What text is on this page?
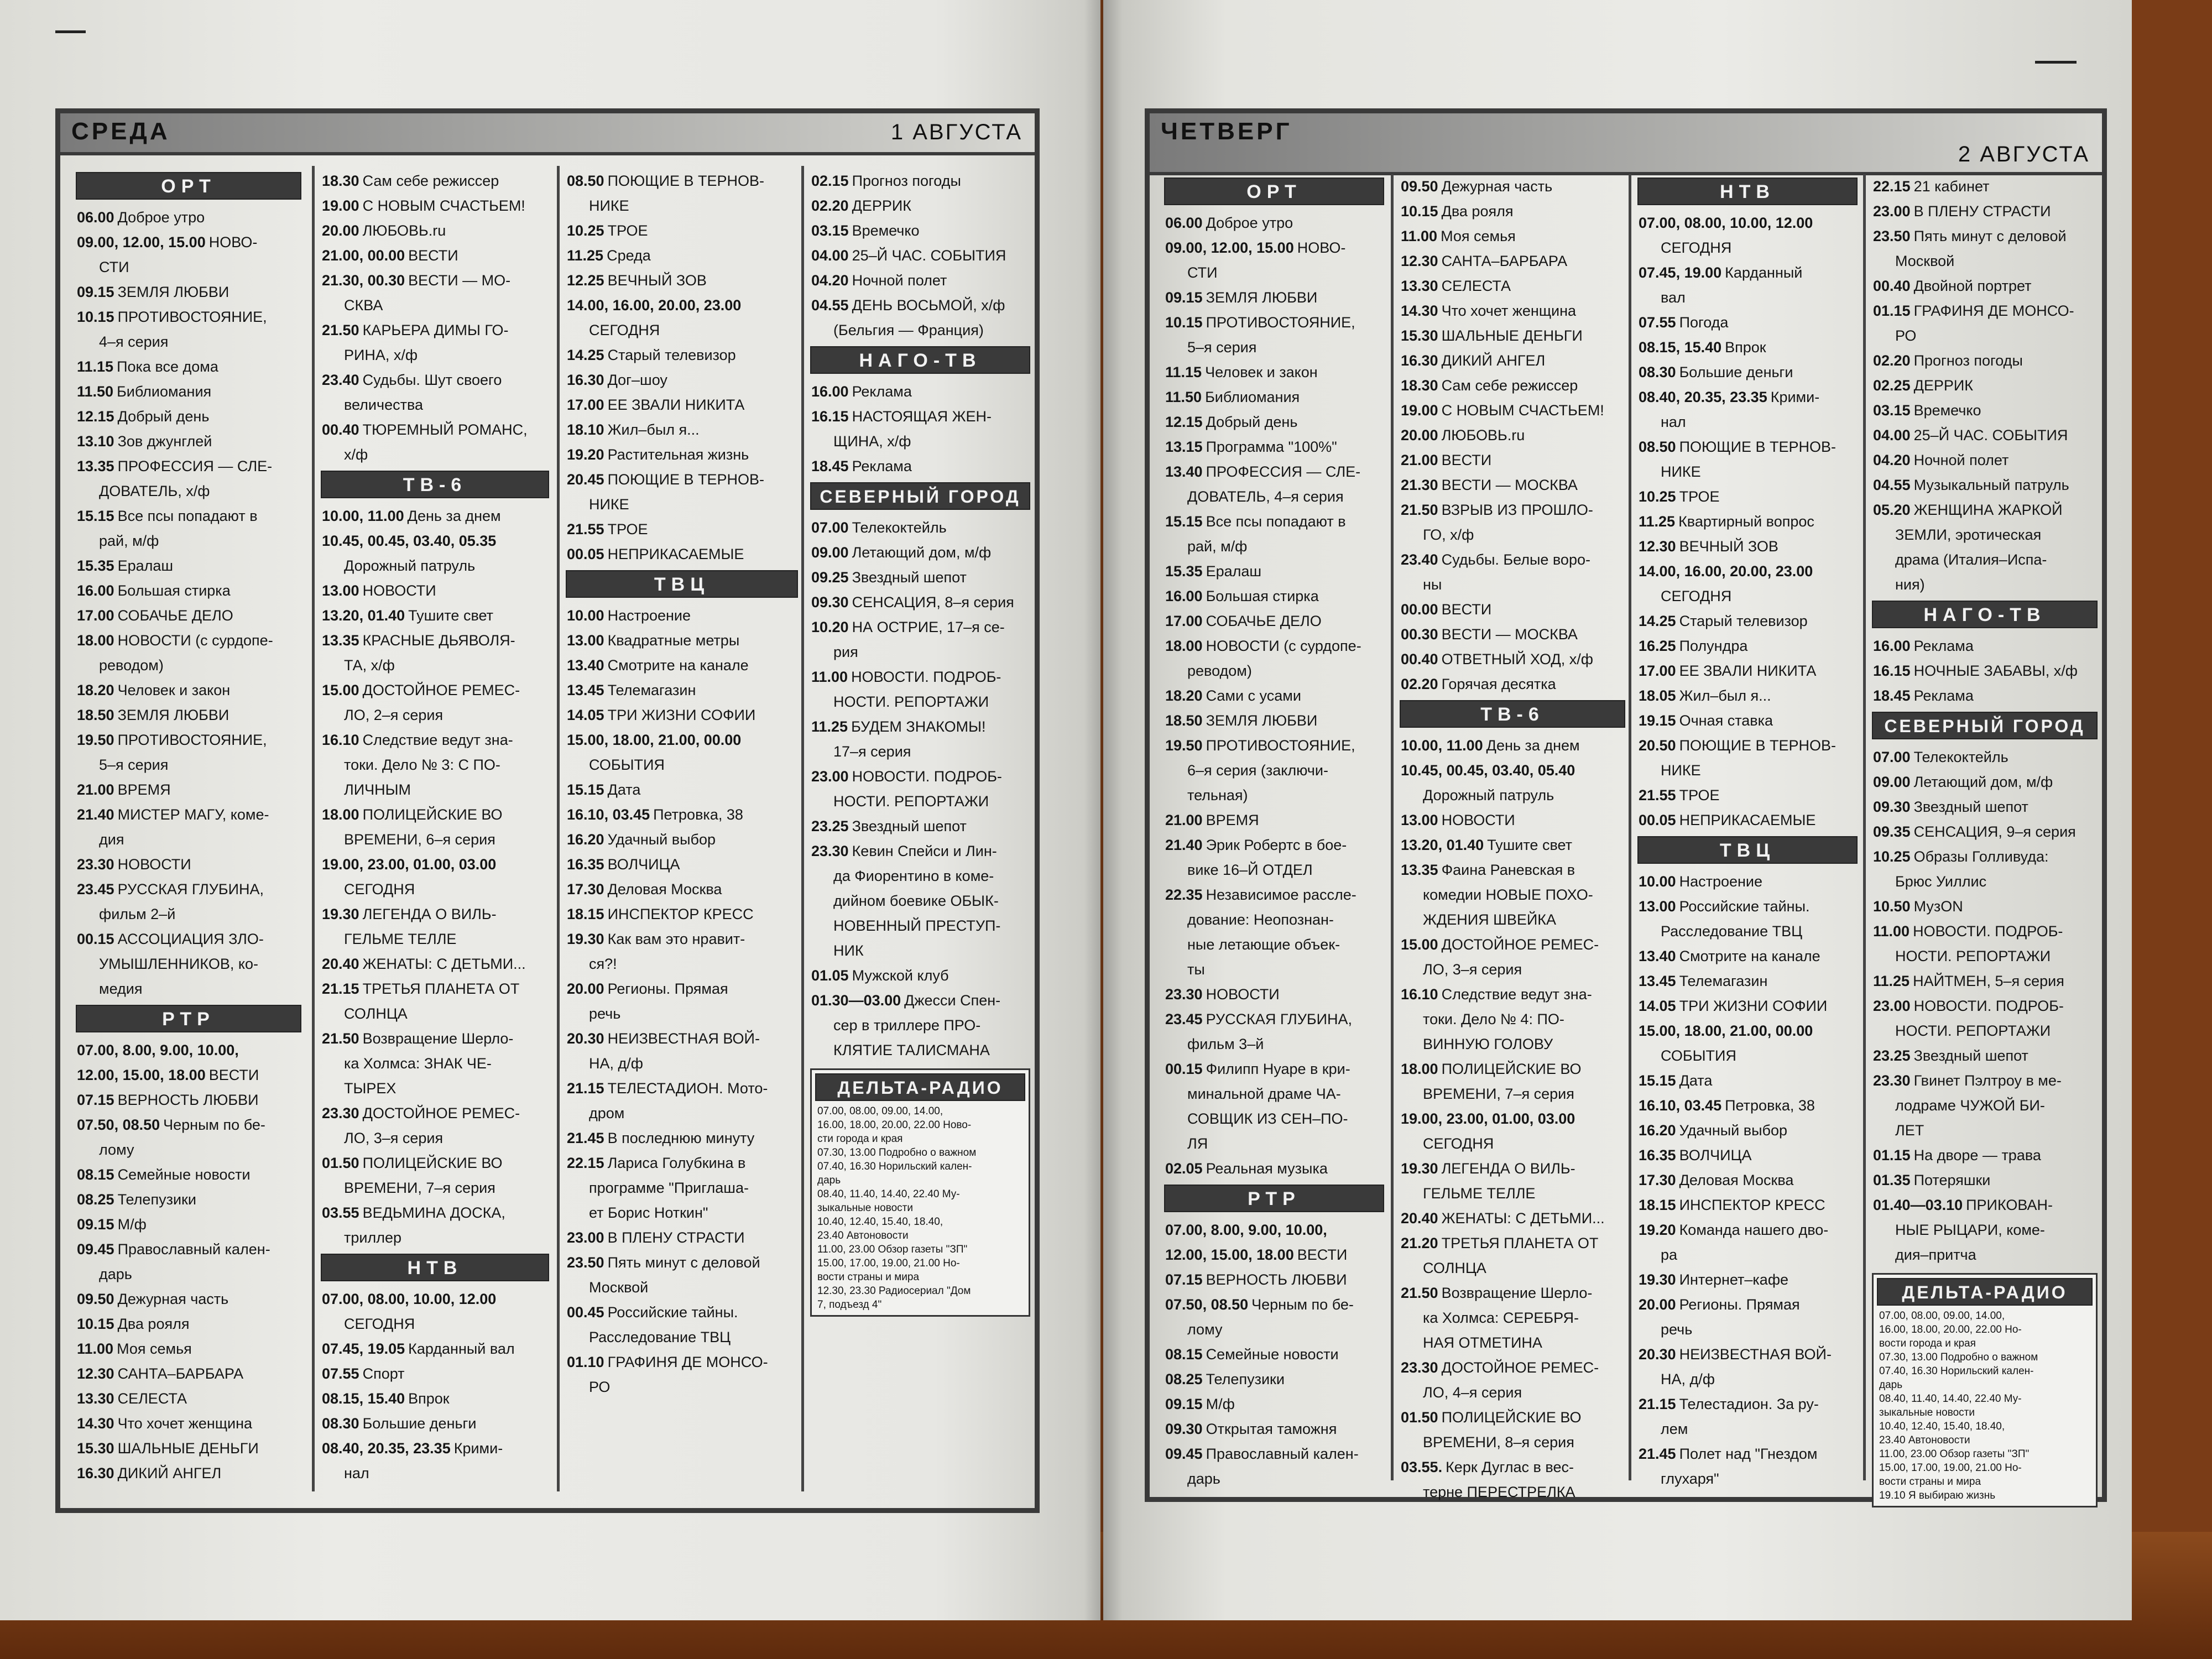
СРЕДА	1 АВГУСТА
ОРТ
06.00 Доброе утро
09.00, 12.00, 15.00 НОВО-
СТИ
09.15 ЗЕМЛЯ ЛЮБВИ
10.15 ПРОТИВОСТОЯНИЕ,
4–я серия
11.15 Пока все дома
11.50 Библиомания
12.15 Добрый день
13.10 Зов джунглей
13.35 ПРОФЕССИЯ — СЛЕ-
ДОВАТЕЛЬ, х/ф
15.15 Все псы попадают в
рай, м/ф
15.35 Ералаш
16.00 Большая стирка
17.00 СОБАЧЬЕ ДЕЛО
18.00 НОВОСТИ (с сурдопе-
реводом)
18.20 Человек и закон
18.50 ЗЕМЛЯ ЛЮБВИ
19.50 ПРОТИВОСТОЯНИЕ,
5–я серия
21.00 ВРЕМЯ
21.40 МИСТЕР МАГУ, коме-
дия
23.30 НОВОСТИ
23.45 РУССКАЯ ГЛУБИНА,
фильм 2–й
00.15 АССОЦИАЦИЯ ЗЛО-
УМЫШЛЕННИКОВ, ко-
медия
РТР
07.00, 8.00, 9.00, 10.00,
12.00, 15.00, 18.00 ВЕСТИ
07.15 ВЕРНОСТЬ ЛЮБВИ
07.50, 08.50 Черным по бе-
лому
08.15 Семейные новости
08.25 Телепузики
09.15 М/ф
09.45 Православный кален-
дарь
09.50 Дежурная часть
10.15 Два рояля
11.00 Моя семья
12.30 САНТА–БАРБАРА
13.30 СЕЛЕСТА
14.30 Что хочет женщина
15.30 ШАЛЬНЫЕ ДЕНЬГИ
16.30 ДИКИЙ АНГЕЛ
18.30 Сам себе режиссер
19.00 С НОВЫМ СЧАСТЬЕМ!
20.00 ЛЮБОВЬ.ru
21.00, 00.00 ВЕСТИ
21.30, 00.30 ВЕСТИ — МО-
СКВА
21.50 КАРЬЕРА ДИМЫ ГО-
РИНА, х/ф
23.40 Судьбы. Шут своего
величества
00.40 ТЮРЕМНЫЙ РОМАНС,
х/ф
ТВ-6
10.00, 11.00 День за днем
10.45, 00.45, 03.40, 05.35
Дорожный патруль
13.00 НОВОСТИ
13.20, 01.40 Тушите свет
13.35 КРАСНЫЕ ДЬЯВОЛЯ-
ТА, х/ф
15.00 ДОСТОЙНОЕ РЕМЕС-
ЛО, 2–я серия
16.10 Следствие ведут зна-
токи. Дело № 3: С ПО-
ЛИЧНЫМ
18.00 ПОЛИЦЕЙСКИЕ ВО
ВРЕМЕНИ, 6–я серия
19.00, 23.00, 01.00, 03.00
СЕГОДНЯ
19.30 ЛЕГЕНДА О ВИЛЬ-
ГЕЛЬМЕ ТЕЛЛЕ
20.40 ЖЕНАТЫ: С ДЕТЬМИ...
21.15 ТРЕТЬЯ ПЛАНЕТА ОТ
СОЛНЦА
21.50 Возвращение Шерло-
ка Холмса: ЗНАК ЧЕ-
ТЫРЕХ
23.30 ДОСТОЙНОЕ РЕМЕС-
ЛО, 3–я серия
01.50 ПОЛИЦЕЙСКИЕ ВО
ВРЕМЕНИ, 7–я серия
03.55 ВЕДЬМИНА ДОСКА,
триллер
НТВ
07.00, 08.00, 10.00, 12.00
СЕГОДНЯ
07.45, 19.05 Карданный вал
07.55 Спорт
08.15, 15.40 Впрок
08.30 Большие деньги
08.40, 20.35, 23.35 Крими-
нал
08.50 ПОЮЩИЕ В ТЕРНОВ-
НИКЕ
10.25 ТРОЕ
11.25 Среда
12.25 ВЕЧНЫЙ ЗОВ
14.00, 16.00, 20.00, 23.00
СЕГОДНЯ
14.25 Старый телевизор
16.30 Дог–шоу
17.00 ЕЕ ЗВАЛИ НИКИТА
18.10 Жил–был я...
19.20 Растительная жизнь
20.45 ПОЮЩИЕ В ТЕРНОВ-
НИКЕ
21.55 ТРОЕ
00.05 НЕПРИКАСАЕМЫЕ
ТВЦ
10.00 Настроение
13.00 Квадратные метры
13.40 Смотрите на канале
13.45 Телемагазин
14.05 ТРИ ЖИЗНИ СОФИИ
15.00, 18.00, 21.00, 00.00
СОБЫТИЯ
15.15 Дата
16.10, 03.45 Петровка, 38
16.20 Удачный выбор
16.35 ВОЛЧИЦА
17.30 Деловая Москва
18.15 ИНСПЕКТОР КРЕСС
19.30 Как вам это нравит-
ся?!
20.00 Регионы. Прямая
речь
20.30 НЕИЗВЕСТНАЯ ВОЙ-
НА, д/ф
21.15 ТЕЛЕСТАДИОН. Мото-
дром
21.45 В последнюю минуту
22.15 Лариса Голубкина в
программе "Приглаша-
ет Борис Ноткин"
23.00 В ПЛЕНУ СТРАСТИ
23.50 Пять минут с деловой
Москвой
00.45 Российские тайны.
Расследование ТВЦ
01.10 ГРАФИНЯ ДЕ МОНСО-
РО
02.15 Прогноз погоды
02.20 ДЕРРИК
03.15 Времечко
04.00 25–Й ЧАС. СОБЫТИЯ
04.20 Ночной полет
04.55 ДЕНЬ ВОСЬМОЙ, х/ф
(Бельгия — Франция)
НАГО-ТВ
16.00 Реклама
16.15 НАСТОЯЩАЯ ЖЕН-
ЩИНА, х/ф
18.45 Реклама
СЕВЕРНЫЙ ГОРОД
07.00 Телекоктейль
09.00 Летающий дом, м/ф
09.25 Звездный шепот
09.30 СЕНСАЦИЯ, 8–я серия
10.20 НА ОСТРИЕ, 17–я се-
рия
11.00 НОВОСТИ. ПОДРОБ-
НОСТИ. РЕПОРТАЖИ
11.25 БУДЕМ ЗНАКОМЫ!
17–я серия
23.00 НОВОСТИ. ПОДРОБ-
НОСТИ. РЕПОРТАЖИ
23.25 Звездный шепот
23.30 Кевин Спейси и Лин-
да Фиорентино в коме-
дийном боевике ОБЫК-
НОВЕННЫЙ ПРЕСТУП-
НИК
01.05 Мужской клуб
01.30—03.00 Джесси Спен-
сер в триллере ПРО-
КЛЯТИЕ ТАЛИСМАНА
ДЕЛЬТА-РАДИО
07.00, 08.00, 09.00, 14.00,
16.00, 18.00, 20.00, 22.00 Ново-
сти города и края
07.30, 13.00 Подробно о важном
07.40, 16.30 Норильский кален-
дарь
08.40, 11.40, 14.40, 22.40 Му-
зыкальные новости
10.40, 12.40, 15.40, 18.40,
23.40 Автоновости
11.00, 23.00 Обзор газеты "ЗП"
15.00, 17.00, 19.00, 21.00 Но-
вости страны и мира
12.30, 23.30 Радиосериал "Дом
7, подъезд 4"
ЧЕТВЕРГ
2 АВГУСТА
ОРТ
06.00 Доброе утро
09.00, 12.00, 15.00 НОВО-
СТИ
09.15 ЗЕМЛЯ ЛЮБВИ
10.15 ПРОТИВОСТОЯНИЕ,
5–я серия
11.15 Человек и закон
11.50 Библиомания
12.15 Добрый день
13.15 Программа "100%"
13.40 ПРОФЕССИЯ — СЛЕ-
ДОВАТЕЛЬ, 4–я серия
15.15 Все псы попадают в
рай, м/ф
15.35 Ералаш
16.00 Большая стирка
17.00 СОБАЧЬЕ ДЕЛО
18.00 НОВОСТИ (с сурдопе-
реводом)
18.20 Сами с усами
18.50 ЗЕМЛЯ ЛЮБВИ
19.50 ПРОТИВОСТОЯНИЕ,
6–я серия (заключи-
тельная)
21.00 ВРЕМЯ
21.40 Эрик Робертс в бое-
вике 16–Й ОТДЕЛ
22.35 Независимое рассле-
дование: Неопознан-
ные летающие объек-
ты
23.30 НОВОСТИ
23.45 РУССКАЯ ГЛУБИНА,
фильм 3–й
00.15 Филипп Нуаре в кри-
минальной драме ЧА-
СОВЩИК ИЗ СЕН–ПО-
ЛЯ
02.05 Реальная музыка
РТР
07.00, 8.00, 9.00, 10.00,
12.00, 15.00, 18.00 ВЕСТИ
07.15 ВЕРНОСТЬ ЛЮБВИ
07.50, 08.50 Черным по бе-
лому
08.15 Семейные новости
08.25 Телепузики
09.15 М/ф
09.30 Открытая таможня
09.45 Православный кален-
дарь
09.50 Дежурная часть
10.15 Два рояля
11.00 Моя семья
12.30 САНТА–БАРБАРА
13.30 СЕЛЕСТА
14.30 Что хочет женщина
15.30 ШАЛЬНЫЕ ДЕНЬГИ
16.30 ДИКИЙ АНГЕЛ
18.30 Сам себе режиссер
19.00 С НОВЫМ СЧАСТЬЕМ!
20.00 ЛЮБОВЬ.ru
21.00 ВЕСТИ
21.30 ВЕСТИ — МОСКВА
21.50 ВЗРЫВ ИЗ ПРОШЛО-
ГО, х/ф
23.40 Судьбы. Белые воро-
ны
00.00 ВЕСТИ
00.30 ВЕСТИ — МОСКВА
00.40 ОТВЕТНЫЙ ХОД, х/ф
02.20 Горячая десятка
ТВ-6
10.00, 11.00 День за днем
10.45, 00.45, 03.40, 05.40
Дорожный патруль
13.00 НОВОСТИ
13.20, 01.40 Тушите свет
13.35 Фаина Раневская в
комедии НОВЫЕ ПОХО-
ЖДЕНИЯ ШВЕЙКА
15.00 ДОСТОЙНОЕ РЕМЕС-
ЛО, 3–я серия
16.10 Следствие ведут зна-
токи. Дело № 4: ПО-
ВИННУЮ ГОЛОВУ
18.00 ПОЛИЦЕЙСКИЕ ВО
ВРЕМЕНИ, 7–я серия
19.00, 23.00, 01.00, 03.00
СЕГОДНЯ
19.30 ЛЕГЕНДА О ВИЛЬ-
ГЕЛЬМЕ ТЕЛЛЕ
20.40 ЖЕНАТЫ: С ДЕТЬМИ...
21.20 ТРЕТЬЯ ПЛАНЕТА ОТ
СОЛНЦА
21.50 Возвращение Шерло-
ка Холмса: СЕРЕБРЯ-
НАЯ ОТМЕТИНА
23.30 ДОСТОЙНОЕ РЕМЕС-
ЛО, 4–я серия
01.50 ПОЛИЦЕЙСКИЕ ВО
ВРЕМЕНИ, 8–я серия
03.55. Керк Дуглас в вес-
терне ПЕРЕСТРЕЛКА
НТВ
07.00, 08.00, 10.00, 12.00
СЕГОДНЯ
07.45, 19.00 Карданный
вал
07.55 Погода
08.15, 15.40 Впрок
08.30 Большие деньги
08.40, 20.35, 23.35 Крими-
нал
08.50 ПОЮЩИЕ В ТЕРНОВ-
НИКЕ
10.25 ТРОЕ
11.25 Квартирный вопрос
12.30 ВЕЧНЫЙ ЗОВ
14.00, 16.00, 20.00, 23.00
СЕГОДНЯ
14.25 Старый телевизор
16.25 Полундра
17.00 ЕЕ ЗВАЛИ НИКИТА
18.05 Жил–был я...
19.15 Очная ставка
20.50 ПОЮЩИЕ В ТЕРНОВ-
НИКЕ
21.55 ТРОЕ
00.05 НЕПРИКАСАЕМЫЕ
ТВЦ
10.00 Настроение
13.00 Российские тайны.
Расследование ТВЦ
13.40 Смотрите на канале
13.45 Телемагазин
14.05 ТРИ ЖИЗНИ СОФИИ
15.00, 18.00, 21.00, 00.00
СОБЫТИЯ
15.15 Дата
16.10, 03.45 Петровка, 38
16.20 Удачный выбор
16.35 ВОЛЧИЦА
17.30 Деловая Москва
18.15 ИНСПЕКТОР КРЕСС
19.20 Команда нашего дво-
ра
19.30 Интернет–кафе
20.00 Регионы. Прямая
речь
20.30 НЕИЗВЕСТНАЯ ВОЙ-
НА, д/ф
21.15 Телестадион. За ру-
лем
21.45 Полет над "Гнездом
глухаря"
22.15 21 кабинет
23.00 В ПЛЕНУ СТРАСТИ
23.50 Пять минут с деловой
Москвой
00.40 Двойной портрет
01.15 ГРАФИНЯ ДЕ МОНСО-
РО
02.20 Прогноз погоды
02.25 ДЕРРИК
03.15 Времечко
04.00 25–Й ЧАС. СОБЫТИЯ
04.20 Ночной полет
04.55 Музыкальный патруль
05.20 ЖЕНЩИНА ЖАРКОЙ
ЗЕМЛИ, эротическая
драма (Италия–Испа-
ния)
НАГО-ТВ
16.00 Реклама
16.15 НОЧНЫЕ ЗАБАВЫ, х/ф
18.45 Реклама
СЕВЕРНЫЙ ГОРОД
07.00 Телекоктейль
09.00 Летающий дом, м/ф
09.30 Звездный шепот
09.35 СЕНСАЦИЯ, 9–я серия
10.25 Образы Голливуда:
Брюс Уиллис
10.50 МузON
11.00 НОВОСТИ. ПОДРОБ-
НОСТИ. РЕПОРТАЖИ
11.25 НАЙТМЕН, 5–я серия
23.00 НОВОСТИ. ПОДРОБ-
НОСТИ. РЕПОРТАЖИ
23.25 Звездный шепот
23.30 Гвинет Пэлтроу в ме-
лодраме ЧУЖОЙ БИ-
ЛЕТ
01.15 На дворе — трава
01.35 Потеряшки
01.40—03.10 ПРИКОВАН-
НЫЕ РЫЦАРИ, коме-
дия–притча
ДЕЛЬТА-РАДИО
07.00, 08.00, 09.00, 14.00,
16.00, 18.00, 20.00, 22.00 Но-
вости города и края
07.30, 13.00 Подробно о важном
07.40, 16.30 Норильский кален-
дарь
08.40, 11.40, 14.40, 22.40 Му-
зыкальные новости
10.40, 12.40, 15.40, 18.40,
23.40 Автоновости
11.00, 23.00 Обзор газеты "ЗП"
15.00, 17.00, 19.00, 21.00 Но-
вости страны и мира
19.10 Я выбираю жизнь
